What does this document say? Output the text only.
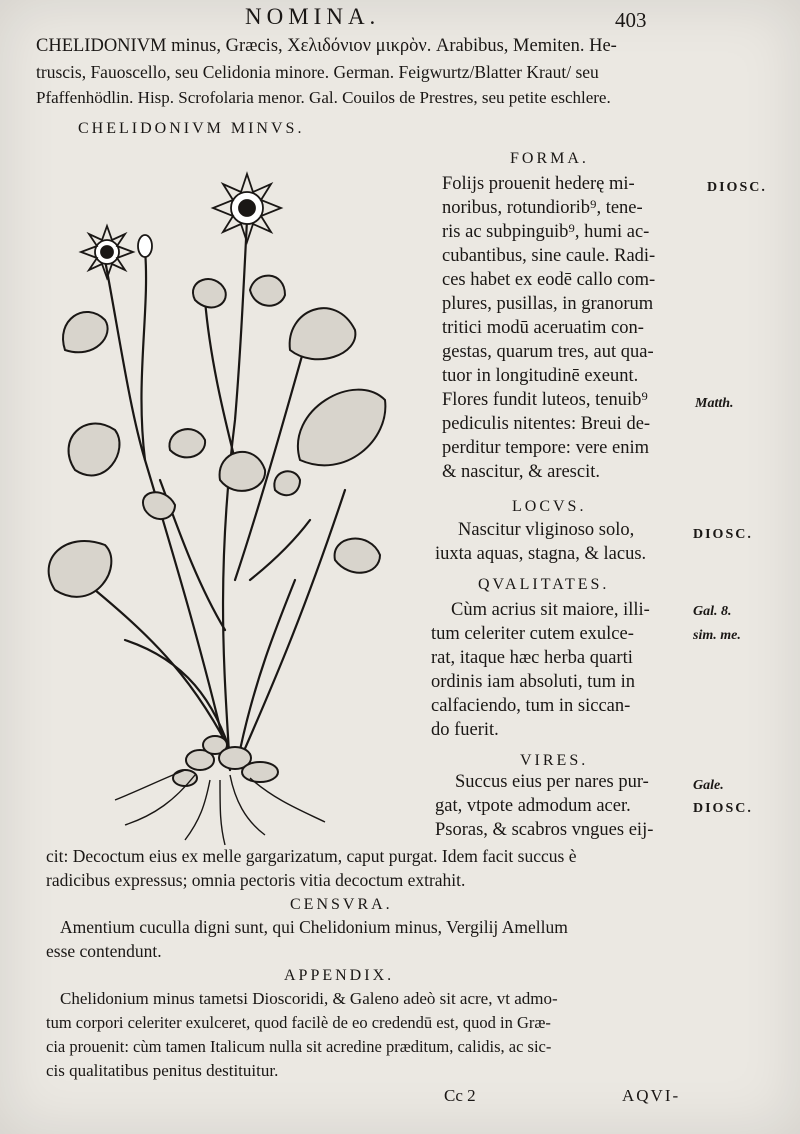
NOMINA.	403
CHELIDONIVM minus, Græcis, Χελιδόνιον μικρὸν. Arabibus, Memiten. He-
truscis, Fauoscello, seu Celidonia minore. German. Feigwurtz/Blatter Kraut/ seu
Pfaffenhödlin. Hisp. Scrofolaria menor. Gal. Couilos de Prestres, seu petite eschlere.
CHELIDONIVM MINVS.
FORMA.
Folijs prouenit hederę mi-
noribus, rotundiorib⁹, tene-
ris ac subpinguib⁹, humi ac-
cubantibus, sine caule. Radi-
ces habet ex eodē callo com-
plures, pusillas, in granorum
tritici modū aceruatim con-
gestas, quarum tres, aut qua-
tuor in longitudinē exeunt.
Flores fundit luteos, tenuib⁹
pediculis nitentes: Breui de-
perditur tempore: vere enim
& nascitur, & arescit.
LOCVS.
Nascitur vliginoso solo,
iuxta aquas, stagna, & lacus.
QVALITATES.
Cùm acrius sit maiore, illi-
tum celeriter cutem exulce-
rat, itaque hæc herba quarti
ordinis iam absoluti, tum in
calfaciendo, tum in siccan-
do fuerit.
VIRES.
Succus eius per nares pur-
gat, vtpote admodum acer.
Psoras, & scabros vngues eij-
cit: Decoctum eius ex melle gargarizatum, caput purgat. Idem facit succus è
radicibus expressus; omnia pectoris vitia decoctum extrahit.
CENSVRA.
Amentium cuculla digni sunt, qui Chelidonium minus, Vergilij Amellum
esse contendunt.
APPENDIX.
Chelidonium minus tametsi Dioscoridi, & Galeno adeò sit acre, vt admo-
tum corpori celeriter exulceret, quod facilè de eo credendū est, quod in Græ-
cia prouenit: cùm tamen Italicum nulla sit acredine præditum, calidis, ac sic-
cis qualitatibus penitus destituitur.
DIOSC.
Matth.
DIOSC.
Gal. 8.
sim. me.
Gale.
DIOSC.
Cc 2	AQVI-
